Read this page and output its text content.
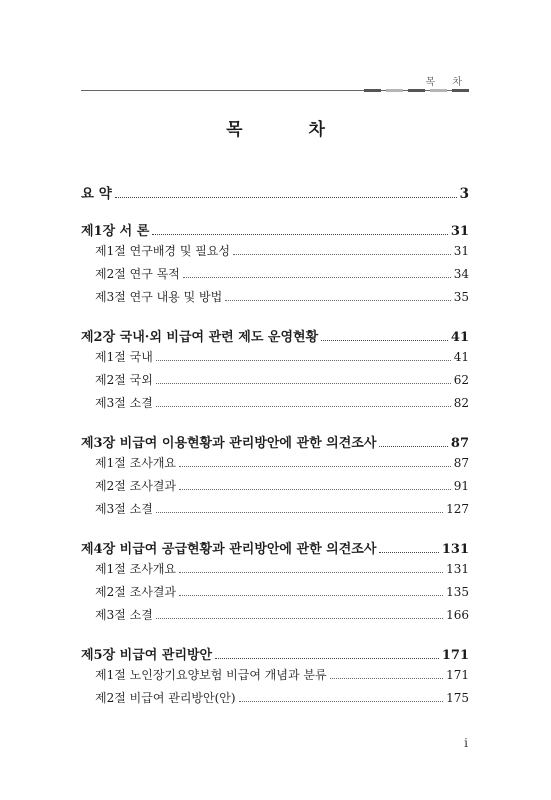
목 차
목 차
요 약	3
제1장 서 론	31
제1절 연구배경 및 필요성	31
제2절 연구 목적	34
제3절 연구 내용 및 방법	35
제2장 국내·외 비급여 관련 제도 운영현황	41
제1절 국내	41
제2절 국외	62
제3절 소결	82
제3장 비급여 이용현황과 관리방안에 관한 의견조사	87
제1절 조사개요	87
제2절 조사결과	91
제3절 소결	127
제4장 비급여 공급현황과 관리방안에 관한 의견조사	131
제1절 조사개요	131
제2절 조사결과	135
제3절 소결	166
제5장 비급여 관리방안	171
제1절 노인장기요양보험 비급여 개념과 분류	171
제2절 비급여 관리방안(안)	175
i
